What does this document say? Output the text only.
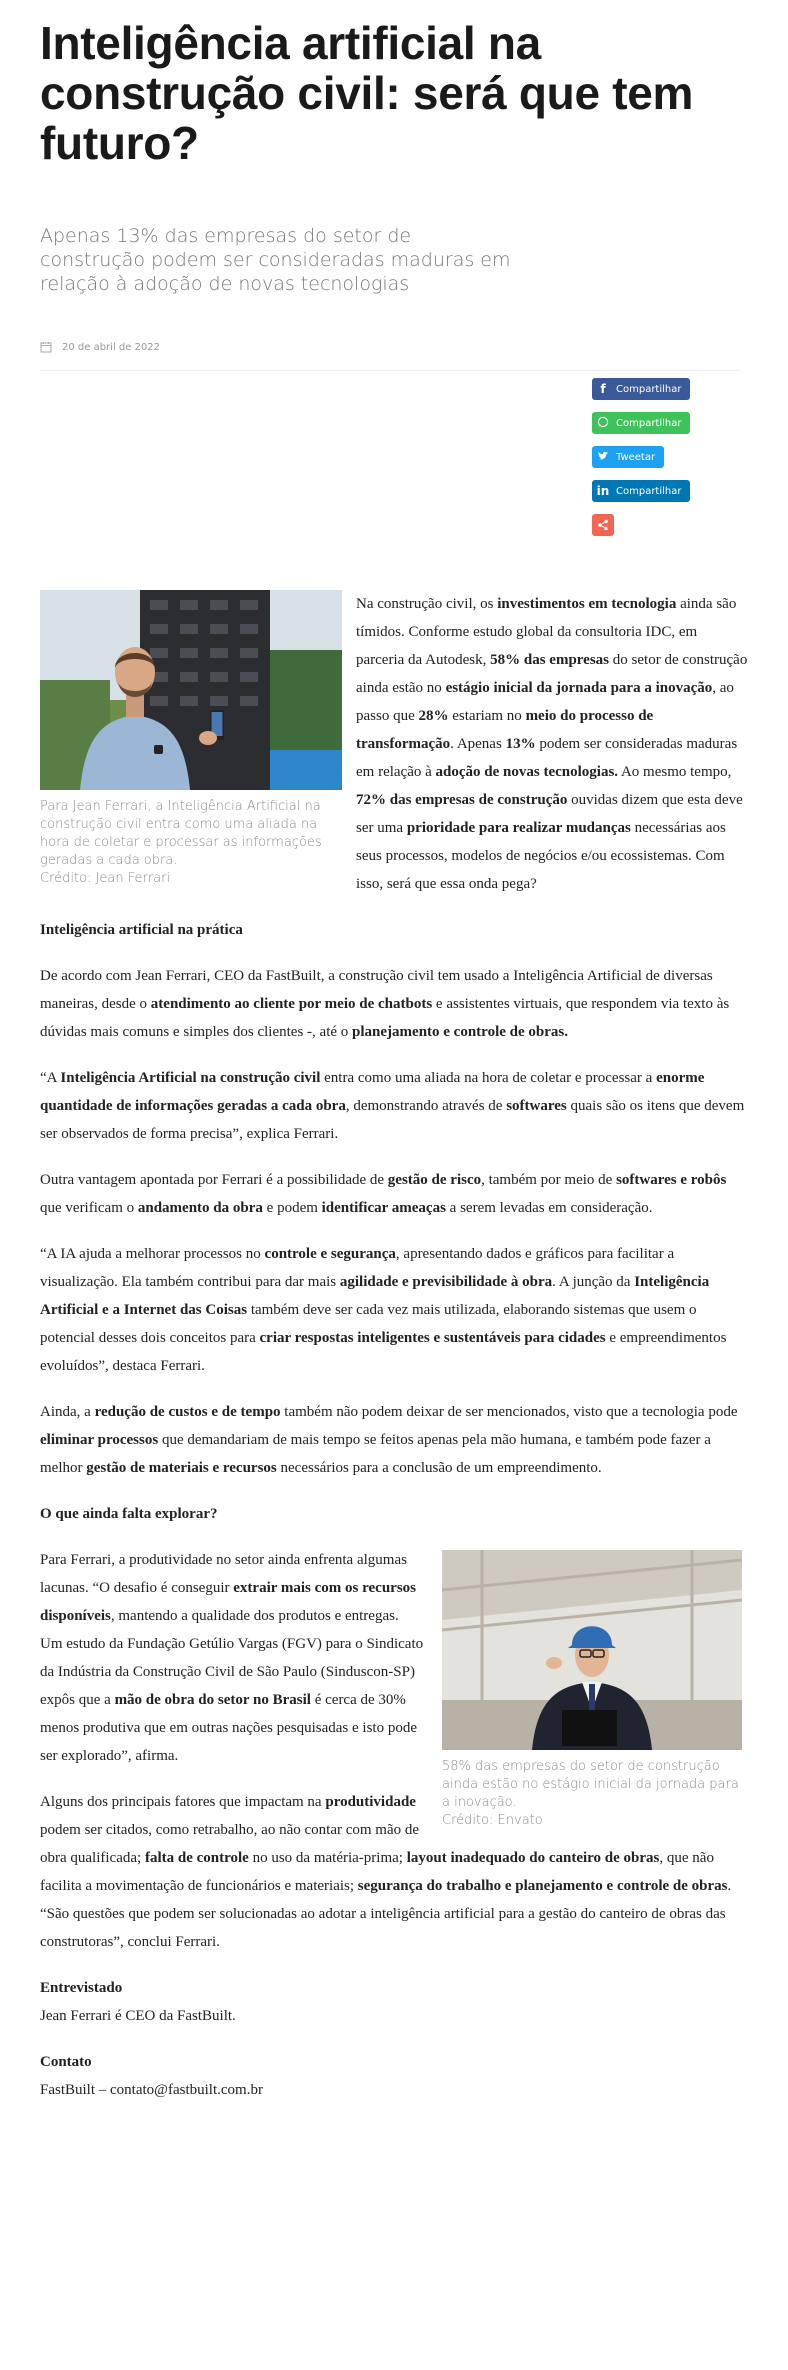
Inteligência artificial na construção civil: será que tem futuro?
Apenas 13% das empresas do setor de construção podem ser consideradas maduras em relação à adoção de novas tecnologias
20 de abril de 2022
f	Compartilhar
Compartilhar
Tweetar
in Compartilhar
Para Jean Ferrari, a Inteligência Artificial na construção civil entra como uma aliada na hora de coletar e processar as informações geradas a cada obra.
Crédito: Jean Ferrari

Na construção civil, os investimentos em tecnologia ainda são tímidos. Conforme estudo global da consultoria IDC, em parceria da Autodesk, 58% das empresas do setor de construção ainda estão no estágio inicial da jornada para a inovação, ao passo que 28% estariam no meio do processo de transformação. Apenas 13% podem ser consideradas maduras em relação à adoção de novas tecnologias. Ao mesmo tempo, 72% das empresas de construção ouvidas dizem que esta deve ser uma prioridade para realizar mudanças necessárias aos seus processos, modelos de negócios e/ou ecossistemas. Com isso, será que essa onda pega?

Inteligência artificial na prática

De acordo com Jean Ferrari, CEO da FastBuilt, a construção civil tem usado a Inteligência Artificial de diversas maneiras, desde o atendimento ao cliente por meio de chatbots e assistentes virtuais, que respondem via texto às dúvidas mais comuns e simples dos clientes -, até o planejamento e controle de obras.

“A Inteligência Artificial na construção civil entra como uma aliada na hora de coletar e processar a enorme quantidade de informações geradas a cada obra, demonstrando através de softwares quais são os itens que devem ser observados de forma precisa”, explica Ferrari.

Outra vantagem apontada por Ferrari é a possibilidade de gestão de risco, também por meio de softwares e robôs que verificam o andamento da obra e podem identificar ameaças a serem levadas em consideração.

“A IA ajuda a melhorar processos no controle e segurança, apresentando dados e gráficos para facilitar a visualização. Ela também contribui para dar mais agilidade e previsibilidade à obra. A junção da Inteligência Artificial e a Internet das Coisas também deve ser cada vez mais utilizada, elaborando sistemas que usem o potencial desses dois conceitos para criar respostas inteligentes e sustentáveis para cidades e empreendimentos evoluídos”, destaca Ferrari.

Ainda, a redução de custos e de tempo também não podem deixar de ser mencionados, visto que a tecnologia pode eliminar processos que demandariam de mais tempo se feitos apenas pela mão humana, e também pode fazer a melhor gestão de materiais e recursos necessários para a conclusão de um empreendimento.

O que ainda falta explorar?

58% das empresas do setor de construção ainda estão no estágio inicial da jornada para a inovação.
Crédito: Envato

Para Ferrari, a produtividade no setor ainda enfrenta algumas lacunas. “O desafio é conseguir extrair mais com os recursos disponíveis, mantendo a qualidade dos produtos e entregas. Um estudo da Fundação Getúlio Vargas (FGV) para o Sindicato da Indústria da Construção Civil de São Paulo (Sinduscon-SP) expôs que a mão de obra do setor no Brasil é cerca de 30% menos produtiva que em outras nações pesquisadas e isto pode ser explorado”, afirma.

Alguns dos principais fatores que impactam na produtividade podem ser citados, como retrabalho, ao não contar com mão de obra qualificada; falta de controle no uso da matéria-prima; layout inadequado do canteiro de obras, que não facilita a movimentação de funcionários e materiais; segurança do trabalho e planejamento e controle de obras. “São questões que podem ser solucionadas ao adotar a inteligência artificial para a gestão do canteiro de obras das construtoras”, conclui Ferrari.

Entrevistado
Jean Ferrari é CEO da FastBuilt.

Contato
FastBuilt – contato@fastbuilt.com.br
